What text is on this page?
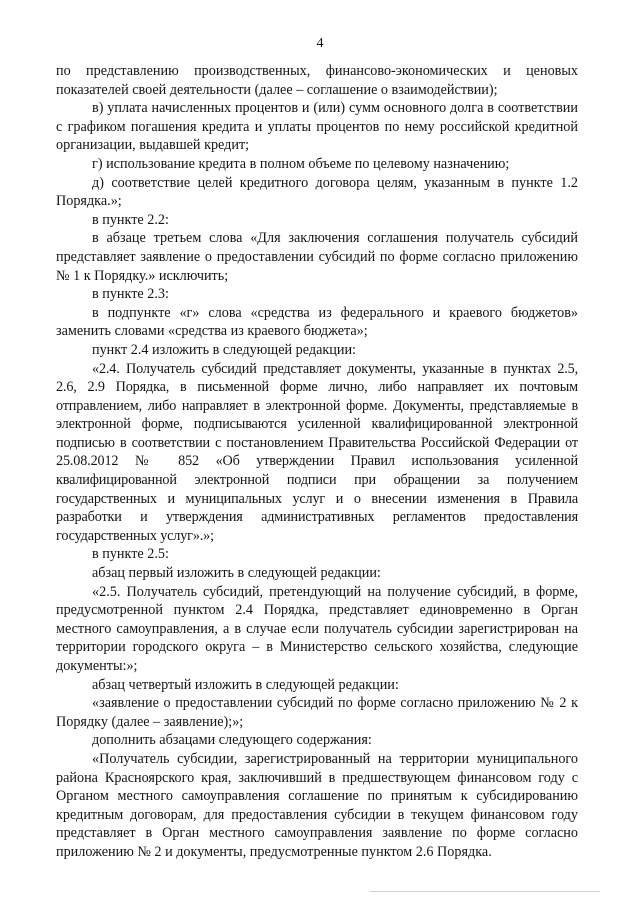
4

по представлению производственных, финансово-экономических и ценовых показателей своей деятельности (далее – соглашение о взаимодействии);

в) уплата начисленных процентов и (или) сумм основного долга в соответствии с графиком погашения кредита и уплаты процентов по нему российской кредитной организации, выдавшей кредит;

г) использование кредита в полном объеме по целевому назначению;

д) соответствие целей кредитного договора целям, указанным в пункте 1.2 Порядка.»;

в пункте 2.2:

в абзаце третьем слова «Для заключения соглашения получатель субсидий представляет заявление о предоставлении субсидий по форме согласно приложению № 1 к Порядку.» исключить;

в пункте 2.3:

в подпункте «г» слова «средства из федерального и краевого бюджетов» заменить словами «средства из краевого бюджета»;

пункт 2.4 изложить в следующей редакции:

«2.4. Получатель субсидий представляет документы, указанные в пунктах 2.5, 2.6, 2.9 Порядка, в письменной форме лично, либо направляет их почтовым отправлением, либо направляет в электронной форме. Документы, представляемые в электронной форме, подписываются усиленной квалифицированной электронной подписью в соответствии с постановлением Правительства Российской Федерации от 25.08.2012 № 852 «Об утверждении Правил использования усиленной квалифицированной электронной подписи при обращении за получением государственных и муниципальных услуг и о внесении изменения в Правила разработки и утверждения административных регламентов предоставления государственных услуг».»;

в пункте 2.5:

абзац первый изложить в следующей редакции:

«2.5. Получатель субсидий, претендующий на получение субсидий, в форме, предусмотренной пунктом 2.4 Порядка, представляет единовременно в Орган местного самоуправления, а в случае если получатель субсидии зарегистрирован на территории городского округа – в Министерство сельского хозяйства, следующие документы:»;

абзац четвертый изложить в следующей редакции:

«заявление о предоставлении субсидий по форме согласно приложению № 2 к Порядку (далее – заявление);»;

дополнить абзацами следующего содержания:

«Получатель субсидии, зарегистрированный на территории муниципального района Красноярского края, заключивший в предшествующем финансовом году с Органом местного самоуправления соглашение по принятым к субсидированию кредитным договорам, для предоставления субсидии в текущем финансовом году представляет в Орган местного самоуправления заявление по форме согласно приложению № 2 и документы, предусмотренные пунктом 2.6 Порядка.
